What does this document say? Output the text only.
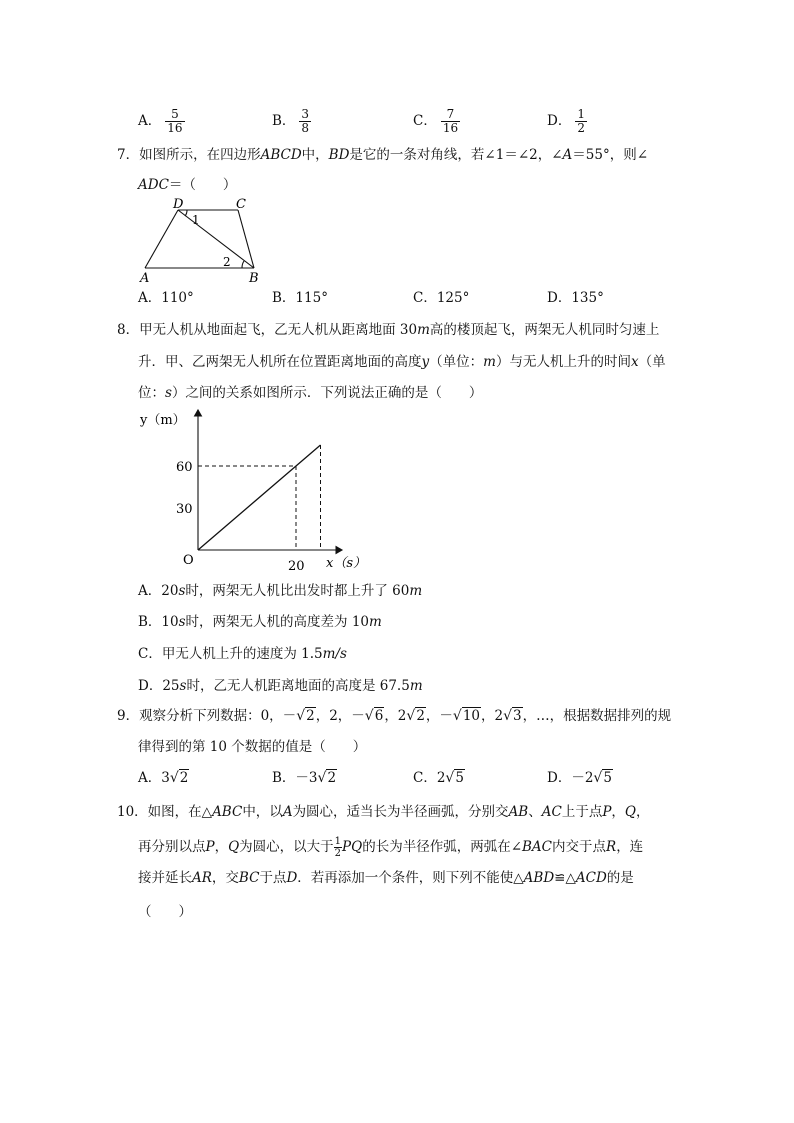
A． $\frac{5}{16}$	B． $\frac{3}{8}$	C． $\frac{7}{16}$	D． $\frac{1}{2}$
7．如图所示，在四边形ABCD中，BD是它的一条对角线，若∠1＝∠2，∠A＝55°，则∠
ADC＝（　　）
D	C
A	B
1
2
A．110°	B．115°	C．125°	D．135°
8．甲无人机从地面起飞，乙无人机从距离地面 30m高的楼顶起飞，两架无人机同时匀速上
升．甲、乙两架无人机所在位置距离地面的高度y（单位：m）与无人机上升的时间x（单
位：s）之间的关系如图所示．下列说法正确的是（　　）
y（m）
x（s）
O
60
30
20
A．20s时，两架无人机比出发时都上升了 60m
B．10s时，两架无人机的高度差为 10m
C．甲无人机上升的速度为 1.5m/s
D．25s时，乙无人机距离地面的高度是 67.5m
9．观察分析下列数据：0，－√2，2，－√6，2√2，－√10，2√3，…，根据数据排列的规
律得到的第 10 个数据的值是（　　）
A．3√2	B．－3√2	C．2√5	D．－2√5
10．如图，在△ABC中，以A为圆心，适当长为半径画弧，分别交AB、AC上于点P，Q，
再分别以点P，Q为圆心，以大于 $\frac{1}{2}$ PQ的长为半径作弧，两弧在∠BAC内交于点R，连
接并延长AR，交BC于点D．若再添加一个条件，则下列不能使△ABD≌△ACD的是
（　　）
